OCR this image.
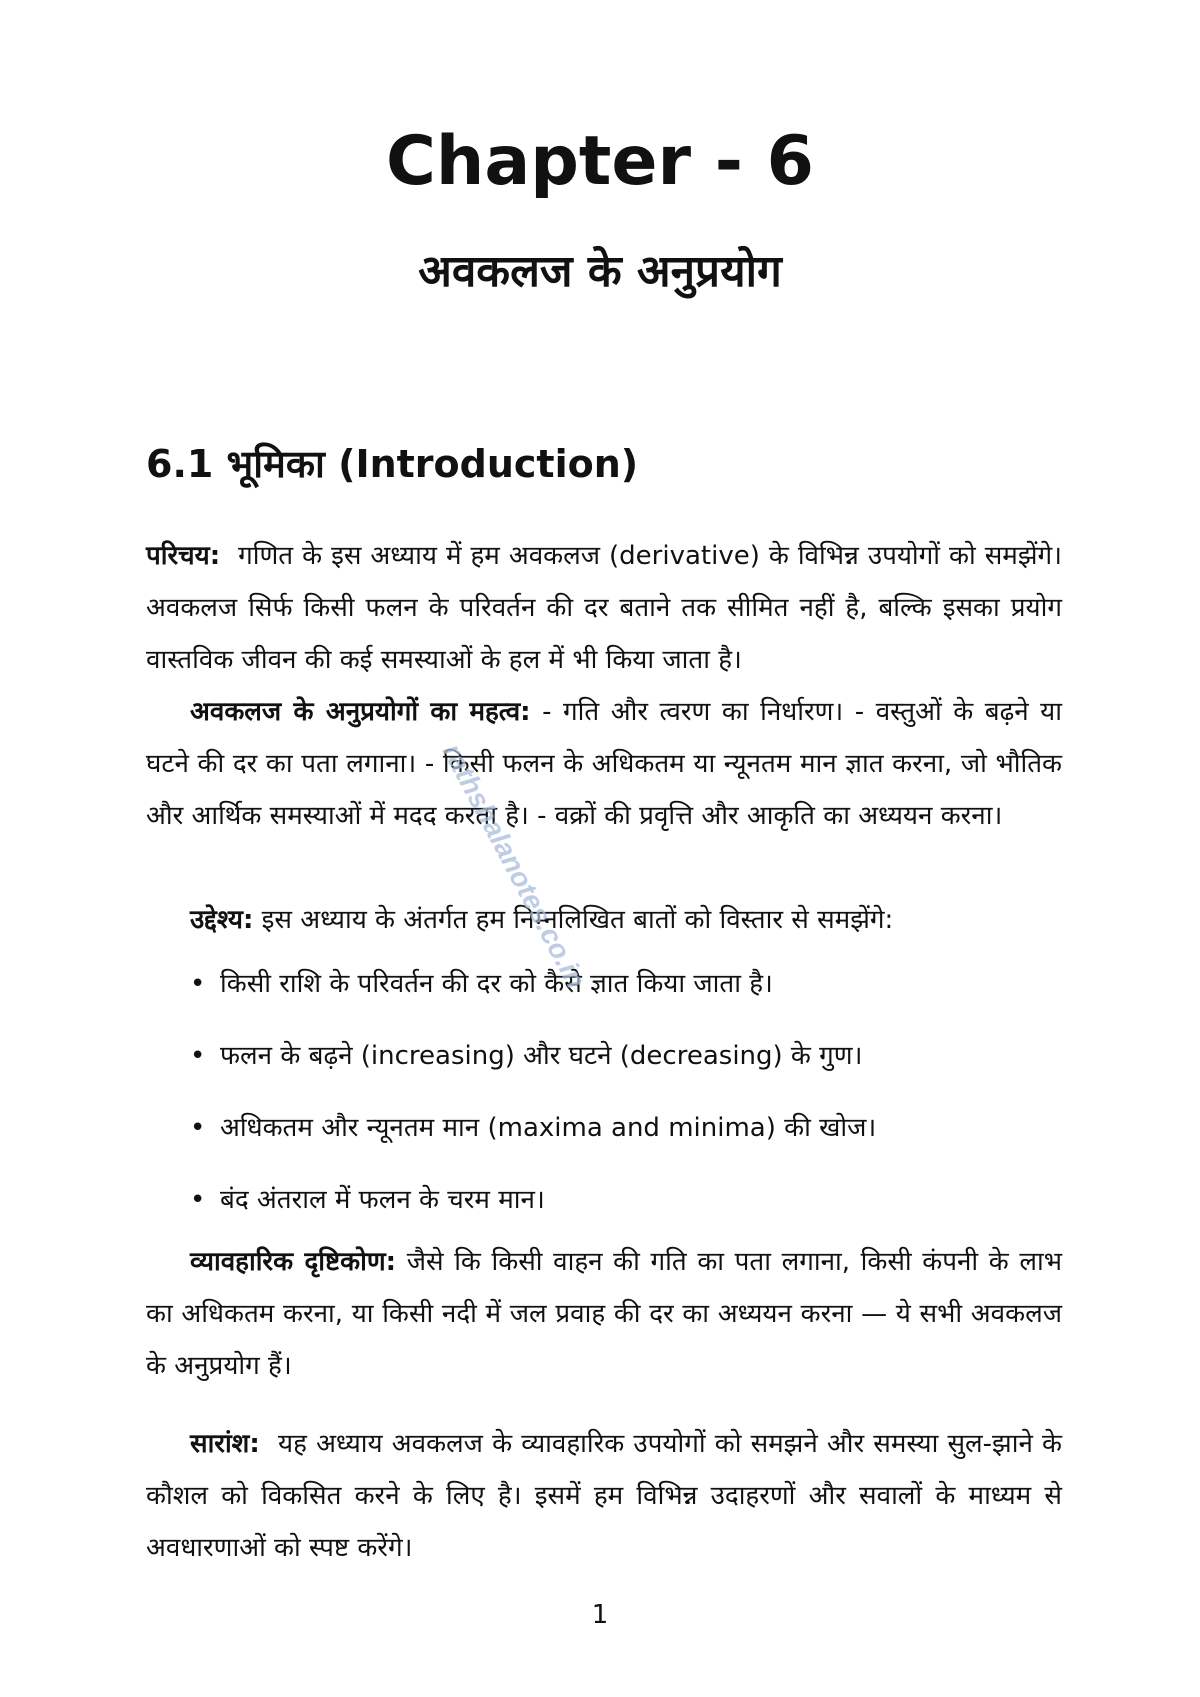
Chapter - 6
अवकलज के अनुप्रयोग
6.1 भूमिका (Introduction)

परिचय: गणित के इस अध्याय में हम अवकलज (derivative) के विभिन्न उपयोगों को समझेंगे। अवकलज सिर्फ किसी फलन के परिवर्तन की दर बताने तक सीमित नहीं है, बल्कि इसका प्रयोग वास्तविक जीवन की कई समस्याओं के हल में भी किया जाता है।

अवकलज के अनुप्रयोगों का महत्व: - गति और त्वरण का निर्धारण। - वस्तुओं के बढ़ने या घटने की दर का पता लगाना। - किसी फलन के अधिकतम या न्यूनतम मान ज्ञात करना, जो भौतिक और आर्थिक समस्याओं में मदद करता है। - वक्रों की प्रवृत्ति और आकृति का अध्ययन करना।

उद्देश्य: इस अध्याय के अंतर्गत हम निम्नलिखित बातों को विस्तार से समझेंगे:

• किसी राशि के परिवर्तन की दर को कैसे ज्ञात किया जाता है।
• फलन के बढ़ने (increasing) और घटने (decreasing) के गुण।
• अधिकतम और न्यूनतम मान (maxima and minima) की खोज।
• बंद अंतराल में फलन के चरम मान।

व्यावहारिक दृष्टिकोण: जैसे कि किसी वाहन की गति का पता लगाना, किसी कंपनी के लाभ का अधिकतम करना, या किसी नदी में जल प्रवाह की दर का अध्ययन करना — ये सभी अवकलज के अनुप्रयोग हैं।

सारांश: यह अध्याय अवकलज के व्यावहारिक उपयोगों को समझने और समस्या सुल-झाने के कौशल को विकसित करने के लिए है। इसमें हम विभिन्न उदाहरणों और सवालों के माध्यम से अवधारणाओं को स्पष्ट करेंगे।

rathshalanotes.co.in
1
